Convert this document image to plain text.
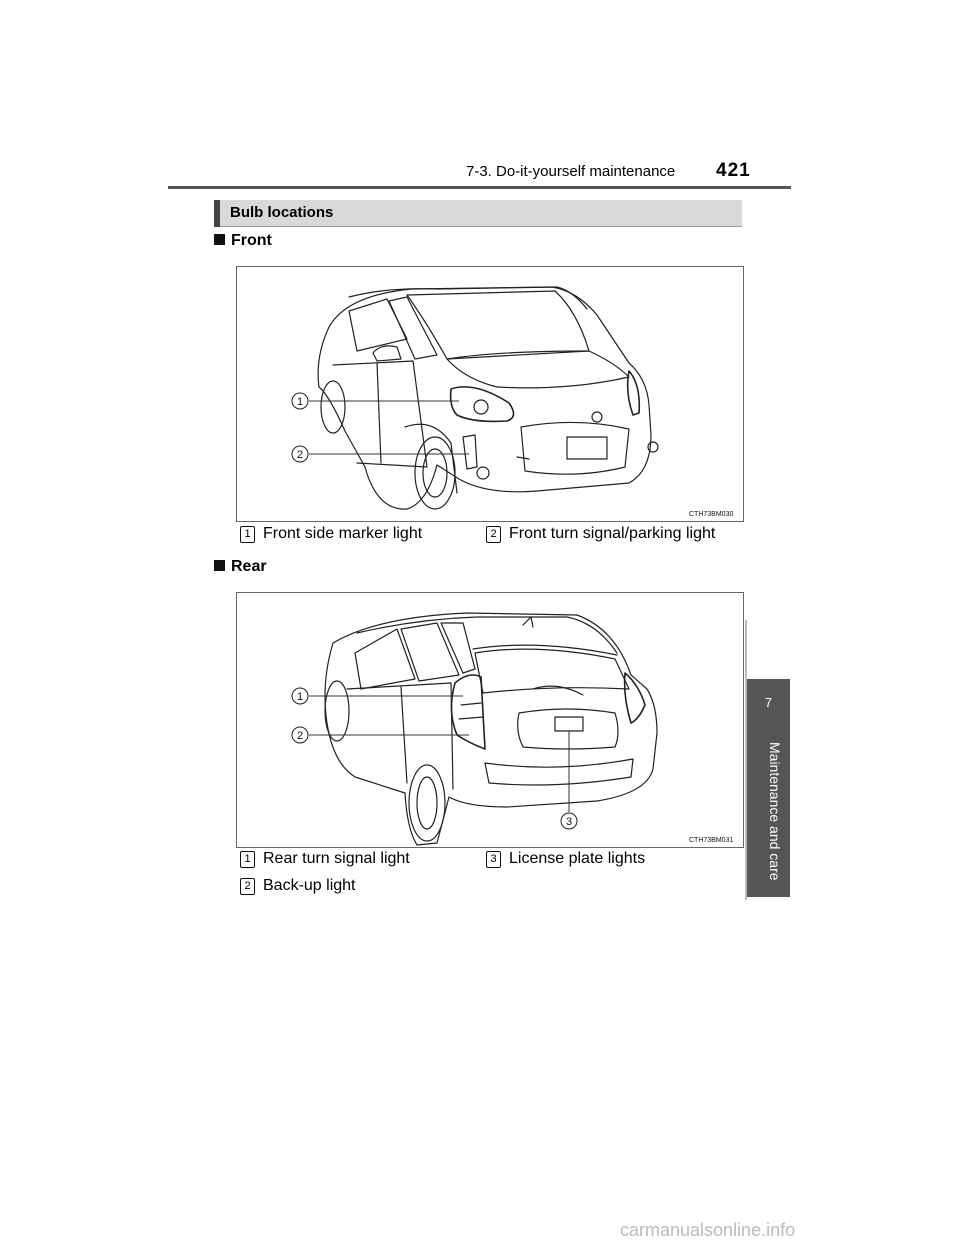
7-3. Do-it-yourself maintenance 421
7
Maintenance and care
Bulb locations
Front
1
2
CTH73BM030
1 Front side marker light	2 Front turn signal/parking light
Rear
1
2
3
CTH73BM031
1 Rear turn signal light	3 License plate lights
2 Back-up light
carmanualsonline.info
